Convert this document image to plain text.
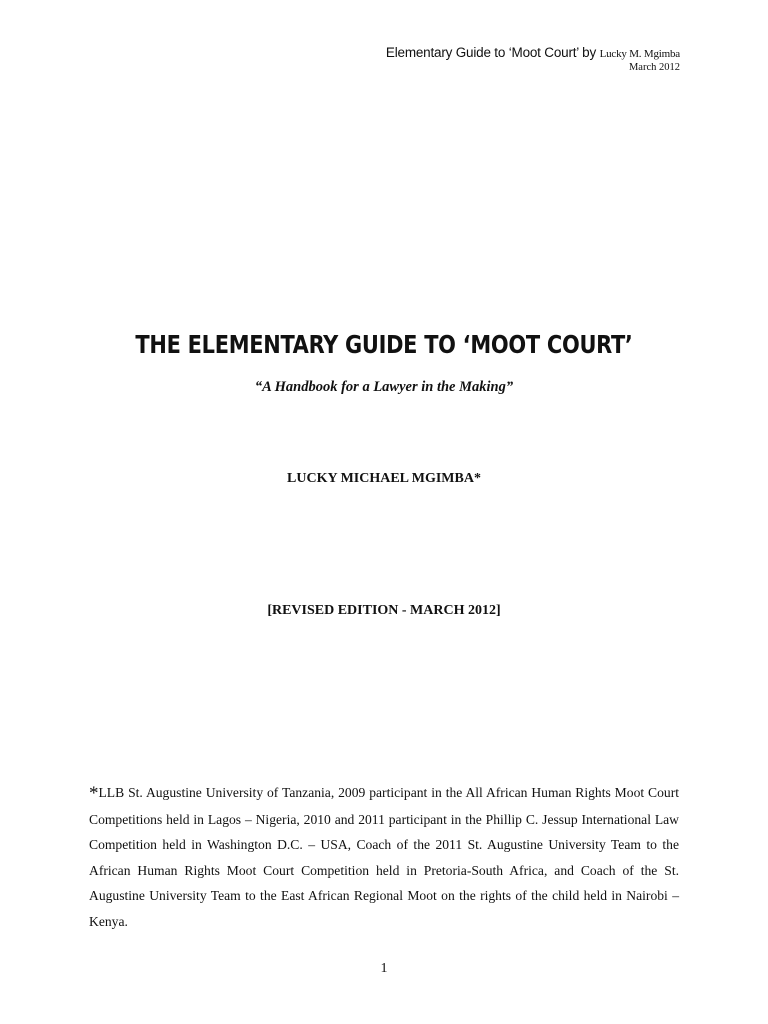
Elementary Guide to ‘Moot Court’ by Lucky M. Mgimba
March 2012
THE ELEMENTARY GUIDE TO ‘MOOT COURT’
“A Handbook for a Lawyer in the Making”
LUCKY MICHAEL MGIMBA*
[REVISED EDITION - MARCH 2012]
*LLB St. Augustine University of Tanzania, 2009 participant in the All African Human Rights Moot Court Competitions held in Lagos – Nigeria, 2010 and 2011 participant in the Phillip C. Jessup International Law Competition held in Washington D.C. – USA, Coach of the 2011 St. Augustine University Team to the African Human Rights Moot Court Competition held in Pretoria-South Africa, and Coach of the St. Augustine University Team to the East African Regional Moot on the rights of the child held in Nairobi – Kenya.
1
